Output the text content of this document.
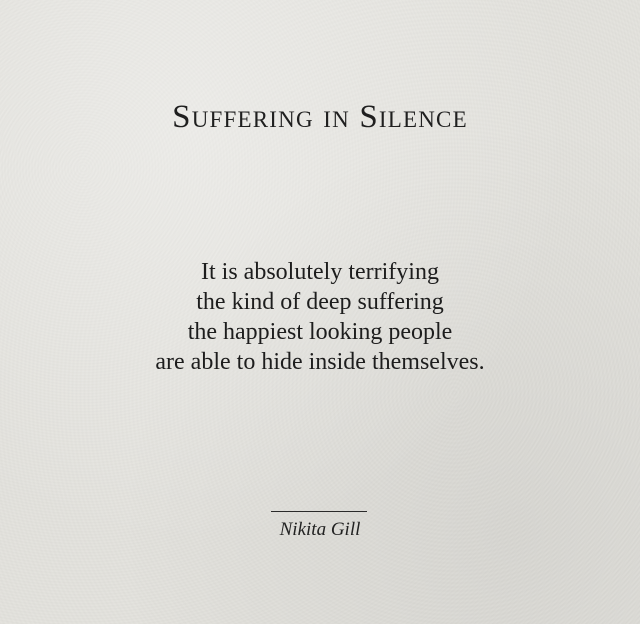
Suffering in Silence
It is absolutely terrifying
the kind of deep suffering
the happiest looking people
are able to hide inside themselves.
Nikita Gill
